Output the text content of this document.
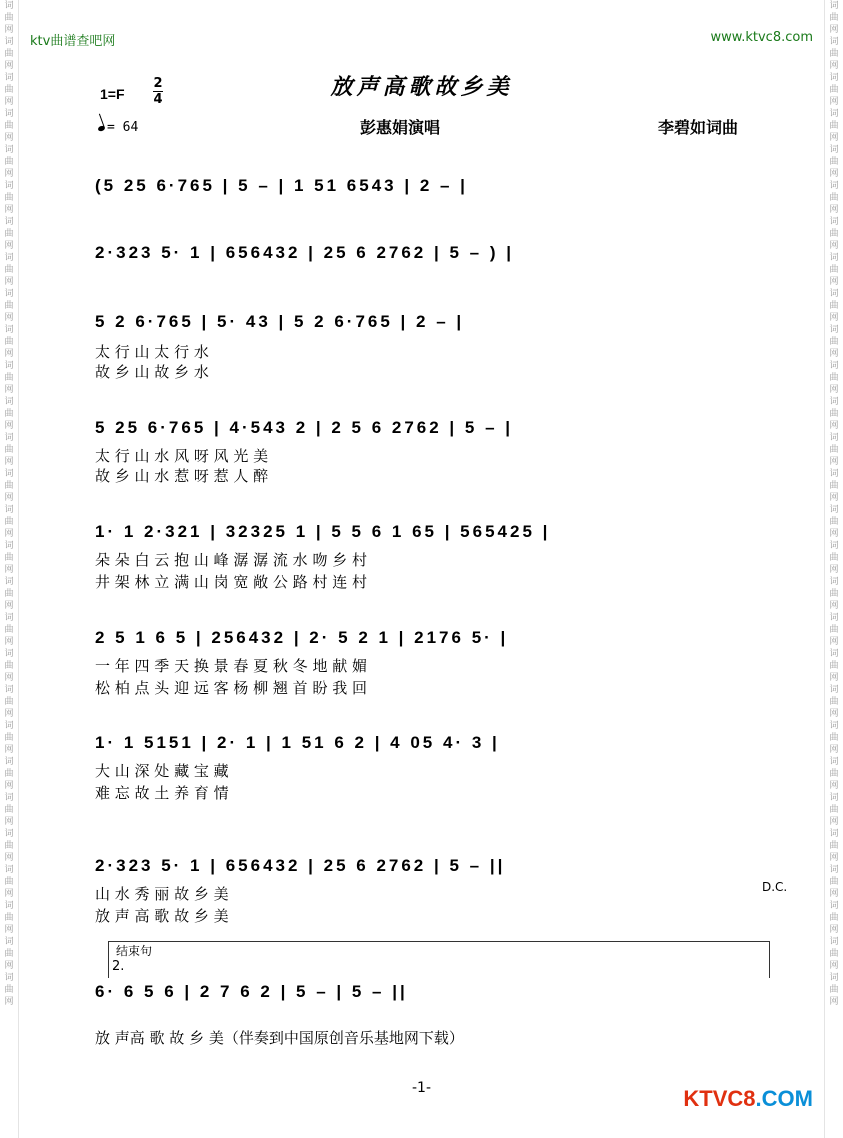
词曲网词曲网词曲网词曲网词曲网词曲网词曲网词曲网词曲网词曲网词曲网词曲网词曲网词曲网词曲网词曲网词曲网词曲网词曲网词曲网词曲网词曲网词曲网词曲网词曲网词曲网词曲网词曲网
词曲网词曲网词曲网词曲网词曲网词曲网词曲网词曲网词曲网词曲网词曲网词曲网词曲网词曲网词曲网词曲网词曲网词曲网词曲网词曲网词曲网词曲网词曲网词曲网词曲网词曲网词曲网词曲网
ktv曲谱查吧网	www.ktvc8.com
放声高歌故乡美
1=F
2
4
= 64	彭惠娟演唱	李碧如词曲
(5 25 6·765 | 5 – | 1 51 6543 | 2 – |
2·323 5· 1 | 656432 | 25 6 2762 | 5 – ) |
5 2 6·765 | 5· 43 | 5 2 6·765 | 2 – |
太 行 山 太 行 水
故 乡 山 故 乡 水
5 25 6·765 | 4·543 2 | 2 5 6 2762 | 5 – |
太 行 山 水 风 呀 风 光 美
故 乡 山 水 惹 呀 惹 人 醉
1· 1 2·321 | 32325 1 | 5 5 6 1 65 | 565425 |
朵 朵 白 云 抱 山 峰 潺 潺 流 水 吻 乡 村
井 架 林 立 满 山 岗 宽 敞 公 路 村 连 村
2 5 1 6 5 | 256432 | 2· 5 2 1 | 2176 5· |
一 年 四 季 天 换 景 春 夏 秋 冬 地 献 媚
松 柏 点 头 迎 远 客 杨 柳 翘 首 盼 我 回
1· 1 5151 | 2· 1 | 1 51 6 2 | 4 05 4· 3 |
大 山 深 处 藏 宝 藏
难 忘 故 土 养 育 情
2·323 5· 1 | 656432 | 25 6 2762 | 5 – ||
山 水 秀 丽 故 乡 美
放 声 高 歌 故 乡 美
D.C.
结束句
2.
6· 6 5 6 | 2 7 6 2 | 5 – | 5 – ||
放 声高 歌 故 乡 美（伴奏到中国原创音乐基地网下载）
-1-	KTVC8.COM
